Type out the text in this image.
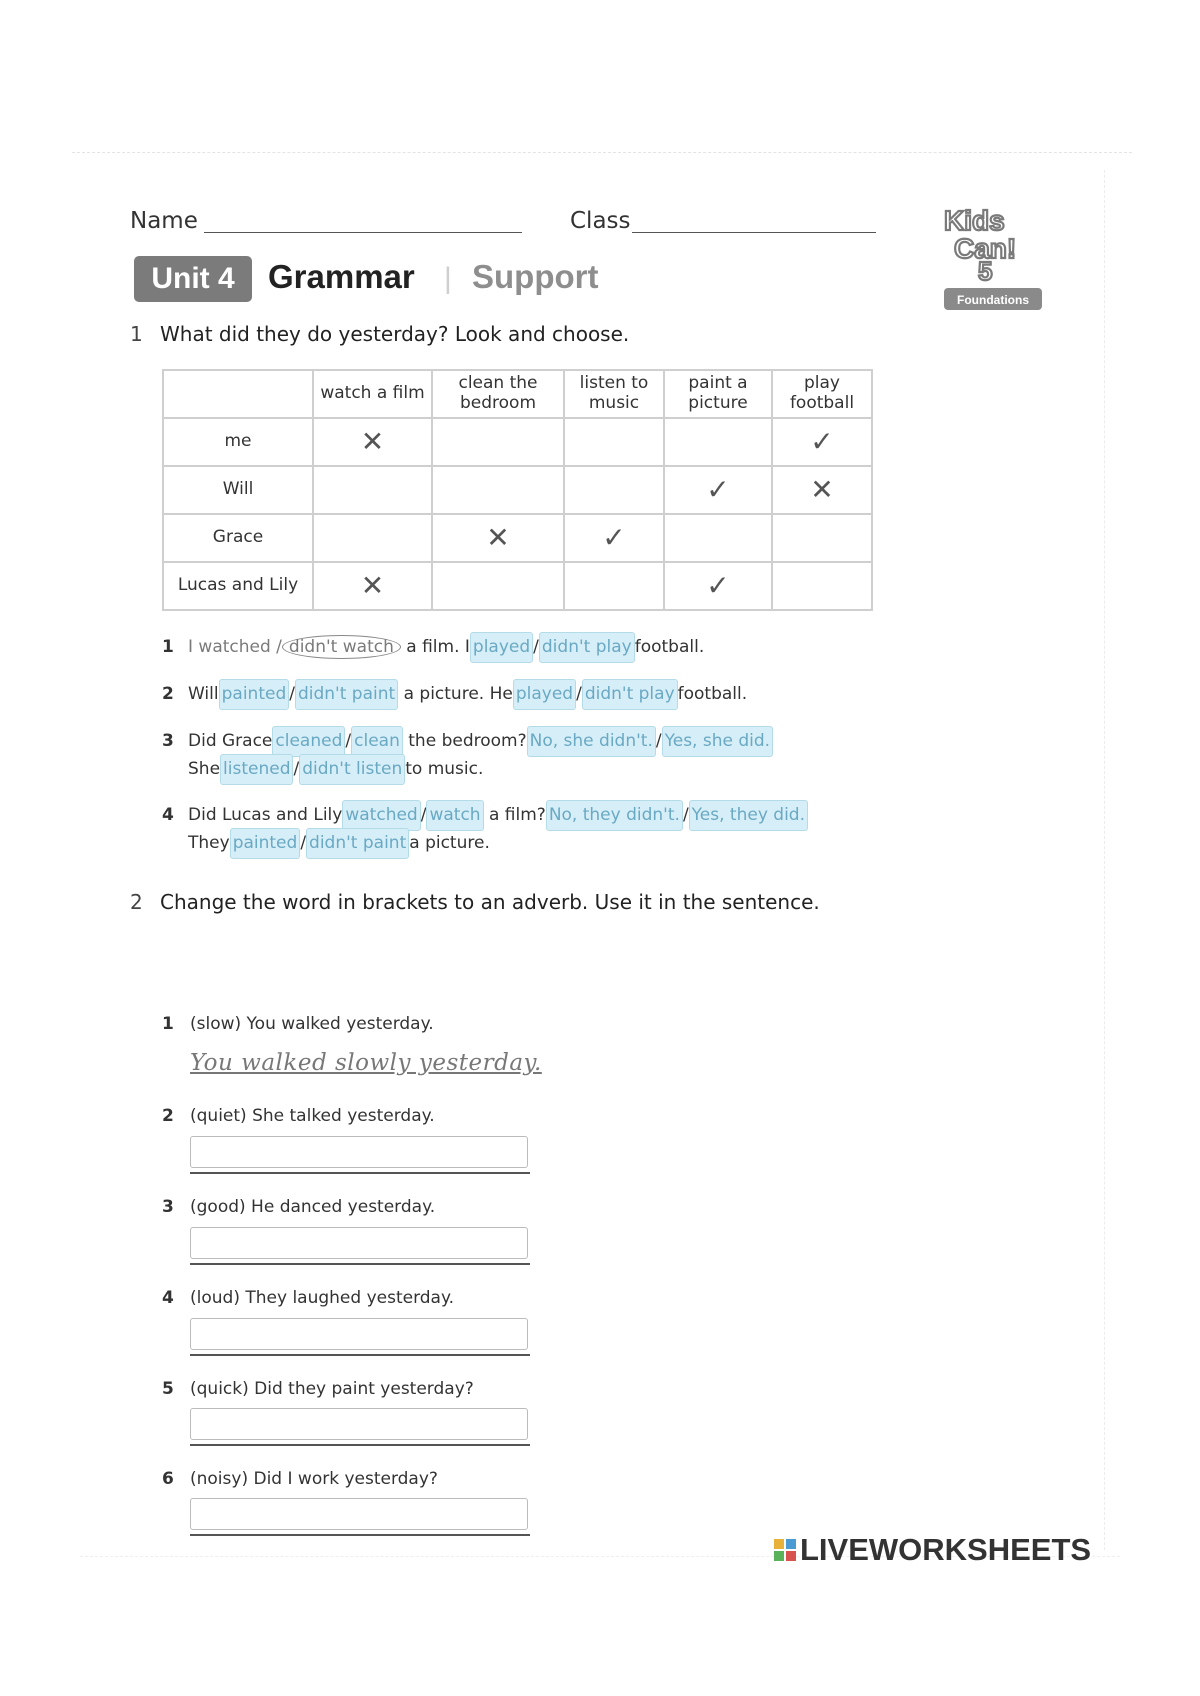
Name	Class
Unit 4	Grammar | Support
Kids
Can!
5
Foundations
1 What did they do yesterday? Look and choose.
	watch a film	clean the bedroom	listen to music	paint a picture	play football
me	✕				✓
Will				✓	✕
Grace		✕	✓		
Lucas and Lily	✕			✓	
1 I watched / didn't watch a film. I played / didn't play football.
2 Will painted / didn't paint a picture. He played / didn't play football.
3 Did Grace cleaned / clean the bedroom? No, she didn't. / Yes, she did.
She listened / didn't listen to music.
4 Did Lucas and Lily watched / watch a film? No, they didn't. / Yes, they did.
They painted / didn't paint a picture.
2 Change the word in brackets to an adverb. Use it in the sentence.
1 (slow) You walked yesterday.
You walked slowly yesterday.
2 (quiet) She talked yesterday.
3 (good) He danced yesterday.
4 (loud) They laughed yesterday.
5 (quick) Did they paint yesterday?
6 (noisy) Did I work yesterday?
LIVEWORKSHEETS
